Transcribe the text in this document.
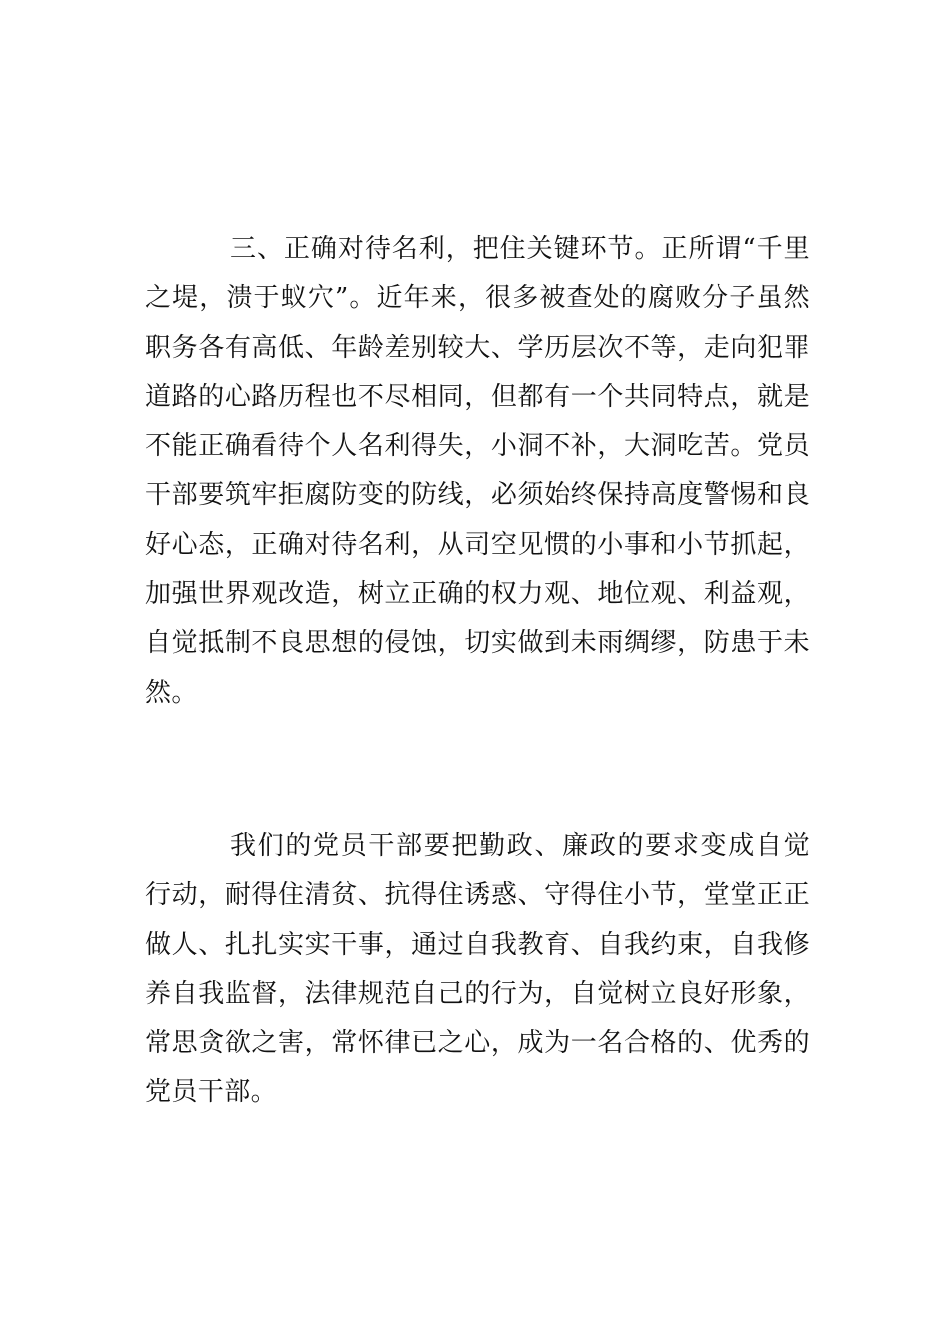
三、正确对待名利，把住关键环节。正所谓“千里之堤，溃于蚁穴”。近年来，很多被查处的腐败分子虽然职务各有高低、年龄差别较大、学历层次不等，走向犯罪道路的心路历程也不尽相同，但都有一个共同特点，就是不能正确看待个人名利得失，小洞不补，大洞吃苦。党员干部要筑牢拒腐防变的防线，必须始终保持高度警惕和良好心态，正确对待名利，从司空见惯的小事和小节抓起，加强世界观改造，树立正确的权力观、地位观、利益观，自觉抵制不良思想的侵蚀，切实做到未雨绸缪，防患于未然。

我们的党员干部要把勤政、廉政的要求变成自觉行动，耐得住清贫、抗得住诱惑、守得住小节，堂堂正正做人、扎扎实实干事，通过自我教育、自我约束，自我修养自我监督，法律规范自己的行为，自觉树立良好形象，常思贪欲之害，常怀律已之心，成为一名合格的、优秀的党员干部。
